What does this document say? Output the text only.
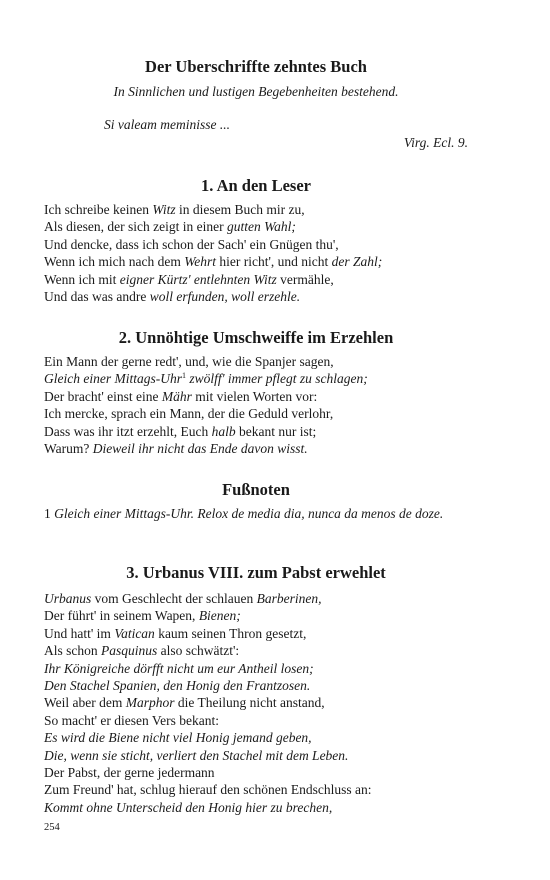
Der Uberschriffte zehntes Buch
In Sinnlichen und lustigen Begebenheiten bestehend.
Si valeam meminisse ...
Virg. Ecl. 9.
1. An den Leser
Ich schreibe keinen Witz in diesem Buch mir zu,
Als diesen, der sich zeigt in einer gutten Wahl;
Und dencke, dass ich schon der Sach' ein Gnügen thu',
Wenn ich mich nach dem Wehrt hier richt', und nicht der Zahl;
Wenn ich mit eigner Kürtz' entlehnten Witz vermähle,
Und das was andre woll erfunden, woll erzehle.
2. Unnöhtige Umschweiffe im Erzehlen
Ein Mann der gerne redt', und, wie die Spanjer sagen,
Gleich einer Mittags-Uhr$^1$ zwölff' immer pflegt zu schlagen;
Der bracht' einst eine Mähr mit vielen Worten vor:
Ich mercke, sprach ein Mann, der die Geduld verlohr,
Dass was ihr itzt erzehlt, Euch halb bekant nur ist;
Warum? Dieweil ihr nicht das Ende davon wisst.
Fußnoten
1 Gleich einer Mittags-Uhr. Relox de media dia, nunca da menos de doze.
3. Urbanus VIII. zum Pabst erwehlet
Urbanus vom Geschlecht der schlauen Barberinen,
Der führt' in seinem Wapen, Bienen;
Und hatt' im Vatican kaum seinen Thron gesetzt,
Als schon Pasquinus also schwätzt':
Ihr Königreiche dörfft nicht um eur Antheil losen;
Den Stachel Spanien, den Honig den Frantzosen.
Weil aber dem Marphor die Theilung nicht anstand,
So macht' er diesen Vers bekant:
Es wird die Biene nicht viel Honig jemand geben,
Die, wenn sie sticht, verliert den Stachel mit dem Leben.
Der Pabst, der gerne jedermann
Zum Freund' hat, schlug hierauf den schönen Endschluss an:
Kommt ohne Unterscheid den Honig hier zu brechen,
254
